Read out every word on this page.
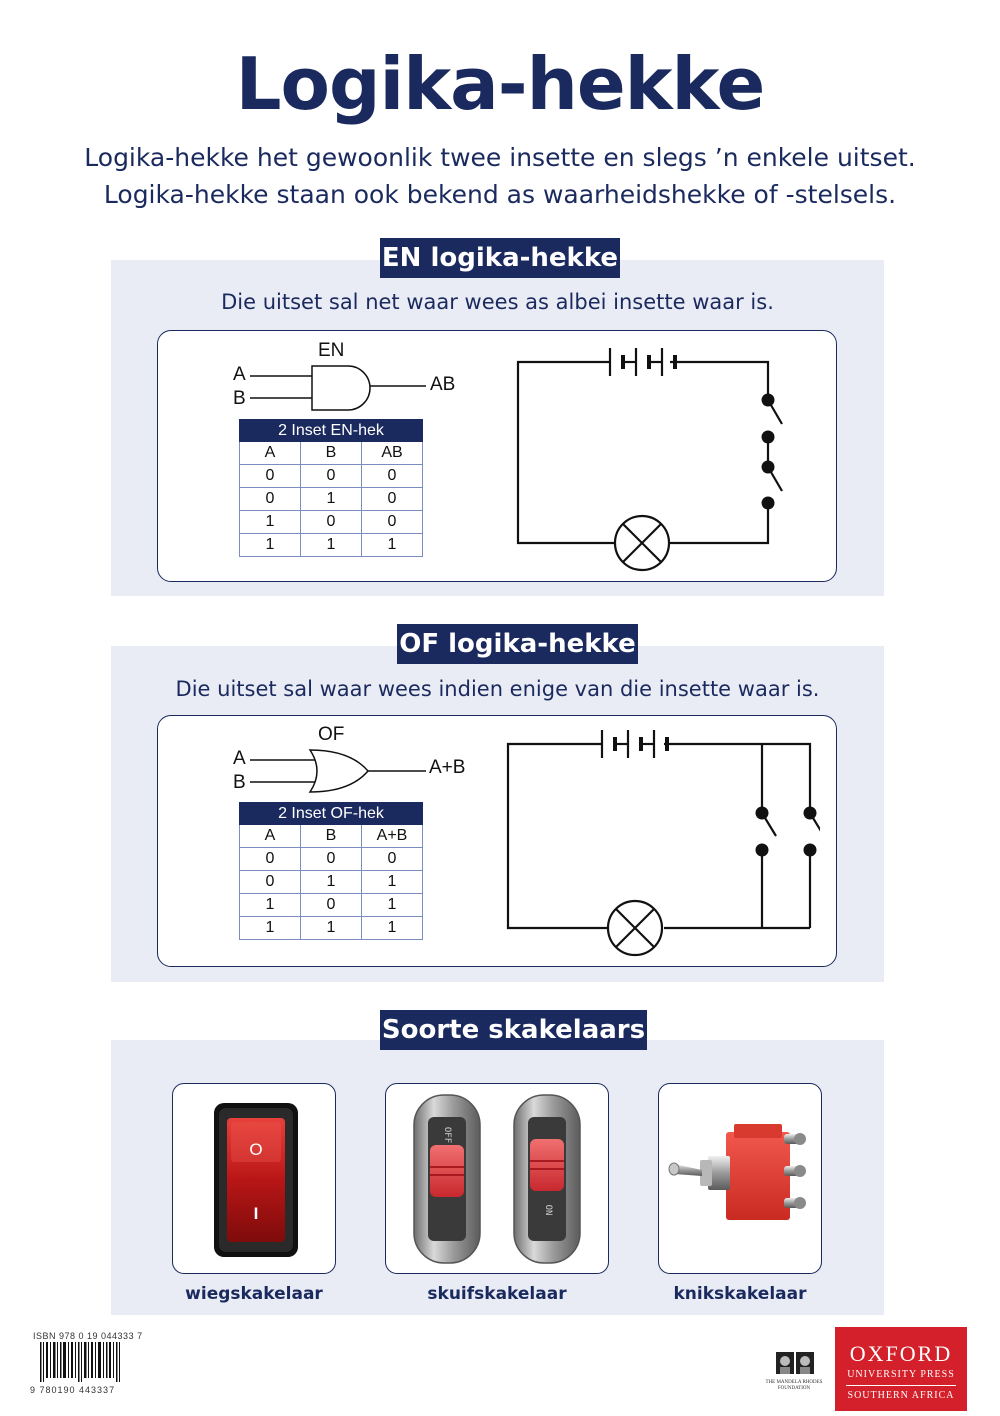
Logika-hekke
Logika-hekke het gewoonlik twee insette en slegs ’n enkele uitset.
Logika-hekke staan ook bekend as waarheidshekke of -stelsels.
EN logika-hekke
Die uitset sal net waar wees as albei insette waar is.
EN
A
B
AB
2 Inset EN-hek		
A	B	AB
0	0	0
0	1	0
1	0	0
1	1	1
OF logika-hekke
Die uitset sal waar wees indien enige van die insette waar is.
OF
A
B
A+B
2 Inset OF-hek		
A	B	A+B
0	0	0
0	1	1
1	0	1
1	1	1
Soorte skakelaars
O
I
wiegskakelaar
OFF
ON
skuifskakelaar	knikskakelaar
ISBN 978 0 19 044333 7
9 780190 443337
THE MANDELA RHODES FOUNDATION
OXFORD
UNIVERSITY PRESS
SOUTHERN AFRICA
